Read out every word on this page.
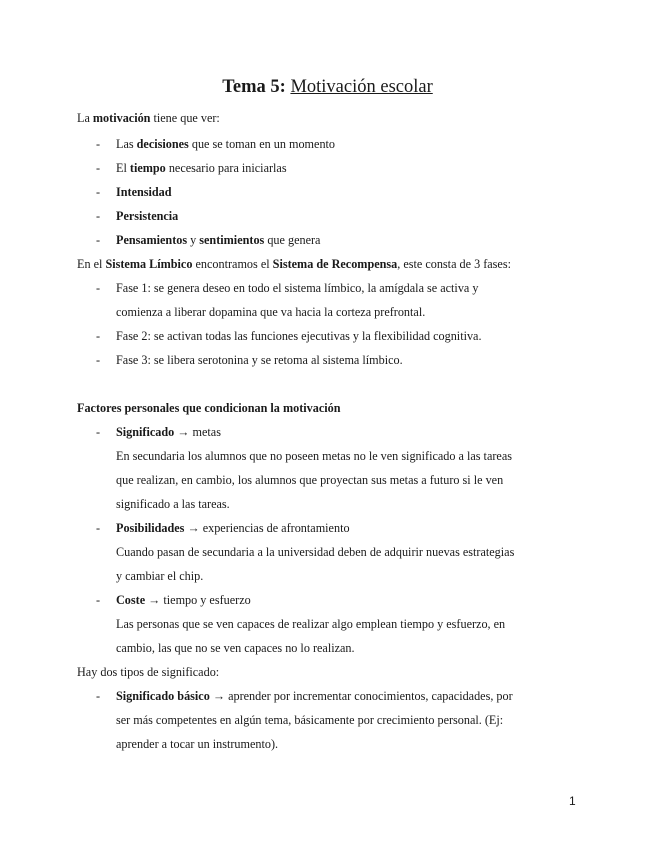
Tema 5: Motivación escolar
La motivación tiene que ver:
- Las decisiones que se toman en un momento
- El tiempo necesario para iniciarlas
- Intensidad
- Persistencia
- Pensamientos y sentimientos que genera
En el Sistema Límbico encontramos el Sistema de Recompensa, este consta de 3 fases:
- Fase 1: se genera deseo en todo el sistema límbico, la amígdala se activa y
comienza a liberar dopamina que va hacia la corteza prefrontal.
- Fase 2: se activan todas las funciones ejecutivas y la flexibilidad cognitiva.
- Fase 3: se libera serotonina y se retoma al sistema límbico.
Factores personales que condicionan la motivación
- Significado → metas
En secundaria los alumnos que no poseen metas no le ven significado a las tareas
que realizan, en cambio, los alumnos que proyectan sus metas a futuro si le ven
significado a las tareas.
- Posibilidades → experiencias de afrontamiento
Cuando pasan de secundaria a la universidad deben de adquirir nuevas estrategias
y cambiar el chip.
- Coste → tiempo y esfuerzo
Las personas que se ven capaces de realizar algo emplean tiempo y esfuerzo, en
cambio, las que no se ven capaces no lo realizan.
Hay dos tipos de significado:
- Significado básico → aprender por incrementar conocimientos, capacidades, por
ser más competentes en algún tema, básicamente por crecimiento personal. (Ej:
aprender a tocar un instrumento).
1
